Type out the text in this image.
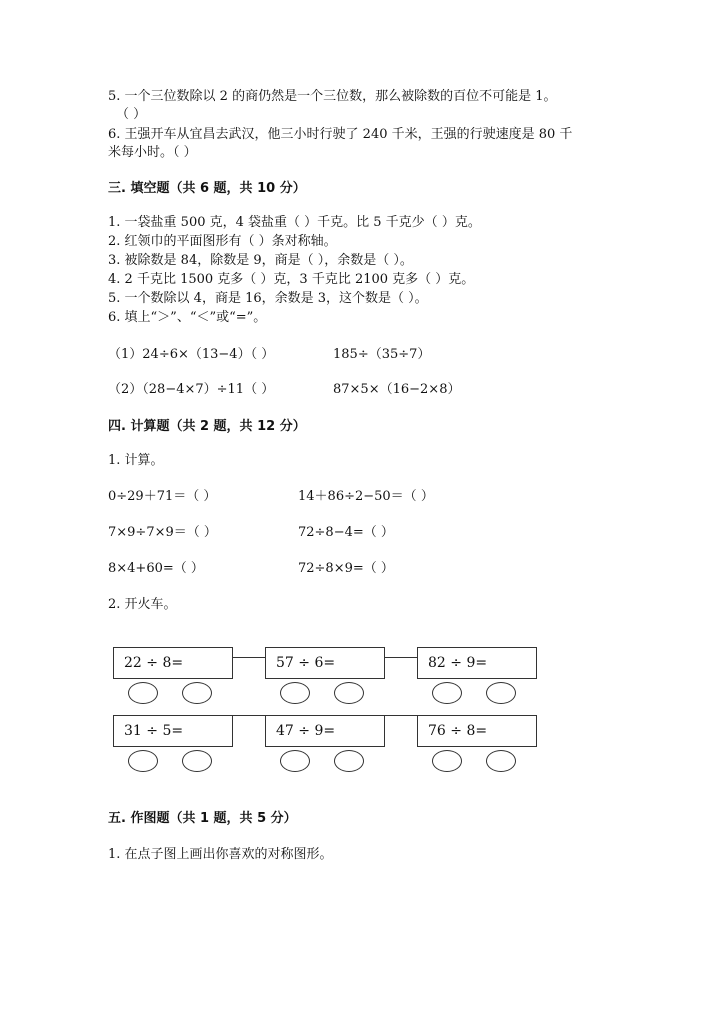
5. 一个三位数除以 2 的商仍然是一个三位数，那么被除数的百位不可能是 1。
（ ）
6. 王强开车从宜昌去武汉，他三小时行驶了 240 千米，王强的行驶速度是 80 千
米每小时。（ ）
三. 填空题（共 6 题，共 10 分）
1. 一袋盐重 500 克，4 袋盐重（ ）千克。比 5 千克少（ ）克。
2. 红领巾的平面图形有（ ）条对称轴。
3. 被除数是 84，除数是 9，商是（ ），余数是（ ）。
4. 2 千克比 1500 克多（ ）克，3 千克比 2100 克多（ ）克。
5. 一个数除以 4，商是 16，余数是 3，这个数是（ ）。
6. 填上“＞”、“＜”或“=”。
（1）24÷6×（13−4）（ ）	185÷（35÷7）
（2）（28−4×7）÷11（ ）	87×5×（16−2×8）
四. 计算题（共 2 题，共 12 分）
1. 计算。
0÷29＋71＝（ ）	14＋86÷2−50＝（ ）
7×9÷7×9＝（ ）	72÷8−4=（ ）
8×4+60=（ ）	72÷8×9=（ ）
2. 开火车。
22 ÷ 8=	57 ÷ 6=	82 ÷ 9=
31 ÷ 5=	47 ÷ 9=	76 ÷ 8=
五. 作图题（共 1 题，共 5 分）
1. 在点子图上画出你喜欢的对称图形。
